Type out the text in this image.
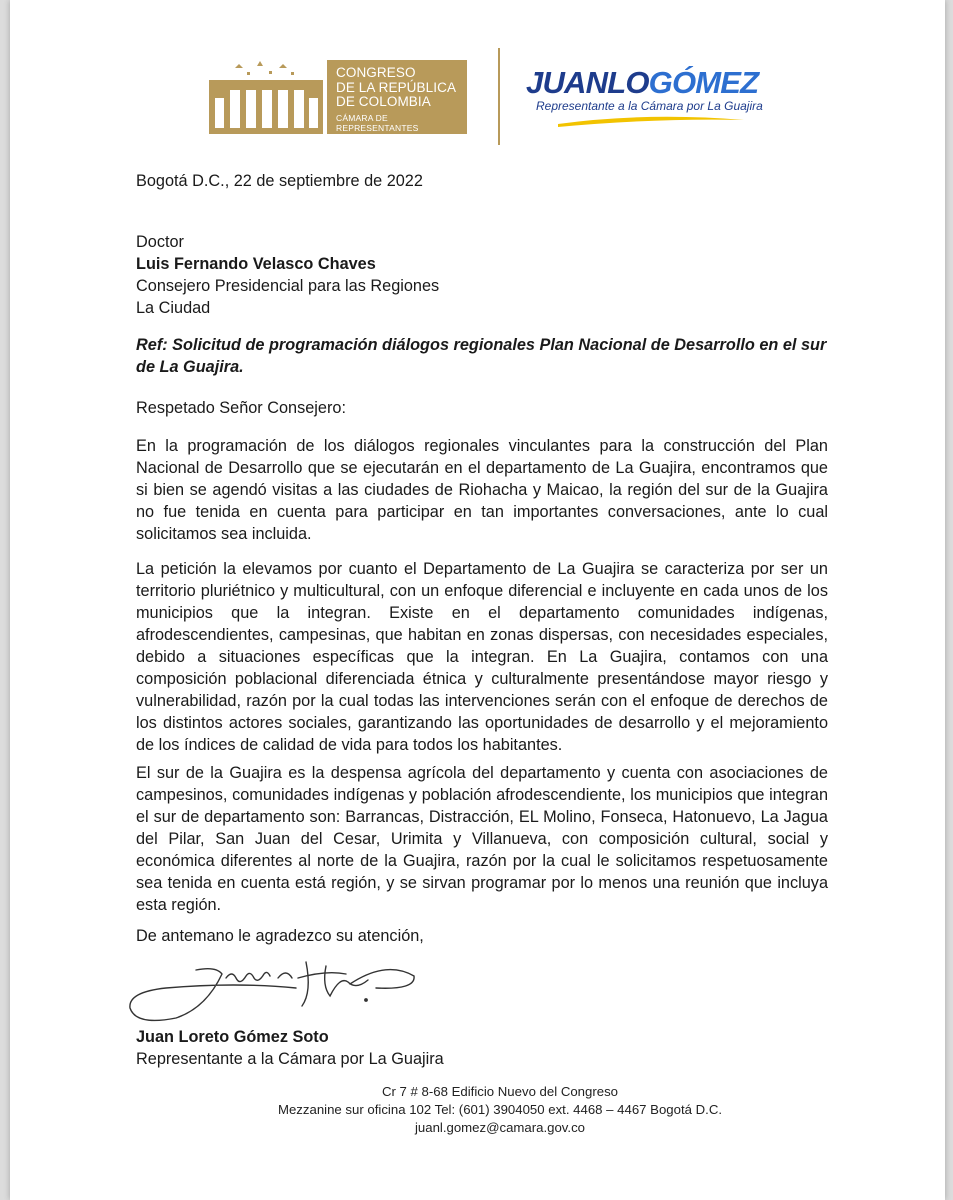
CONGRESO
DE LA REPÚBLICA
DE COLOMBIA
CÁMARA DE REPRESENTANTES
JUANLOGÓMEZ
Representante a la Cámara por La Guajira
Bogotá D.C., 22 de septiembre de 2022
Doctor
Luis Fernando Velasco Chaves
Consejero Presidencial para las Regiones
La Ciudad
Ref: Solicitud de programación diálogos regionales Plan Nacional de Desarrollo en el sur de La Guajira.
Respetado Señor Consejero:
En la programación de los diálogos regionales vinculantes para la construcción del Plan Nacional de Desarrollo que se ejecutarán en el departamento de La Guajira, encontramos que si bien se agendó visitas a las ciudades de Riohacha y Maicao, la región del sur de la Guajira no fue tenida en cuenta para participar en tan importantes conversaciones, ante lo cual solicitamos sea incluida.
La petición la elevamos por cuanto el Departamento de La Guajira se caracteriza por ser un territorio pluriétnico y multicultural, con un enfoque diferencial e incluyente en cada unos de los municipios que la integran. Existe en el departamento comunidades indígenas, afrodescendientes, campesinas, que habitan en zonas dispersas, con necesidades especiales, debido a situaciones específicas que la integran. En La Guajira, contamos con una composición poblacional diferenciada étnica y culturalmente presentándose mayor riesgo y vulnerabilidad, razón por la cual todas las intervenciones serán con el enfoque de derechos de los distintos actores sociales, garantizando las oportunidades de desarrollo y el mejoramiento de los índices de calidad de vida para todos los habitantes.
El sur de la Guajira es la despensa agrícola del departamento y cuenta con asociaciones de campesinos, comunidades indígenas y población afrodescendiente, los municipios que integran el sur de departamento son: Barrancas, Distracción, EL Molino, Fonseca, Hatonuevo, La Jagua del Pilar, San Juan del Cesar, Urimita y Villanueva, con composición cultural, social y económica diferentes al norte de la Guajira, razón por la cual le solicitamos respetuosamente sea tenida en cuenta está región, y se sirvan programar por lo menos una reunión que incluya esta región.
De antemano le agradezco su atención,
Juan Loreto Gómez Soto
Representante a la Cámara por La Guajira
Cr 7 # 8-68 Edificio Nuevo del Congreso
Mezzanine sur oficina 102 Tel: (601) 3904050 ext. 4468 – 4467 Bogotá D.C.
juanl.gomez@camara.gov.co
